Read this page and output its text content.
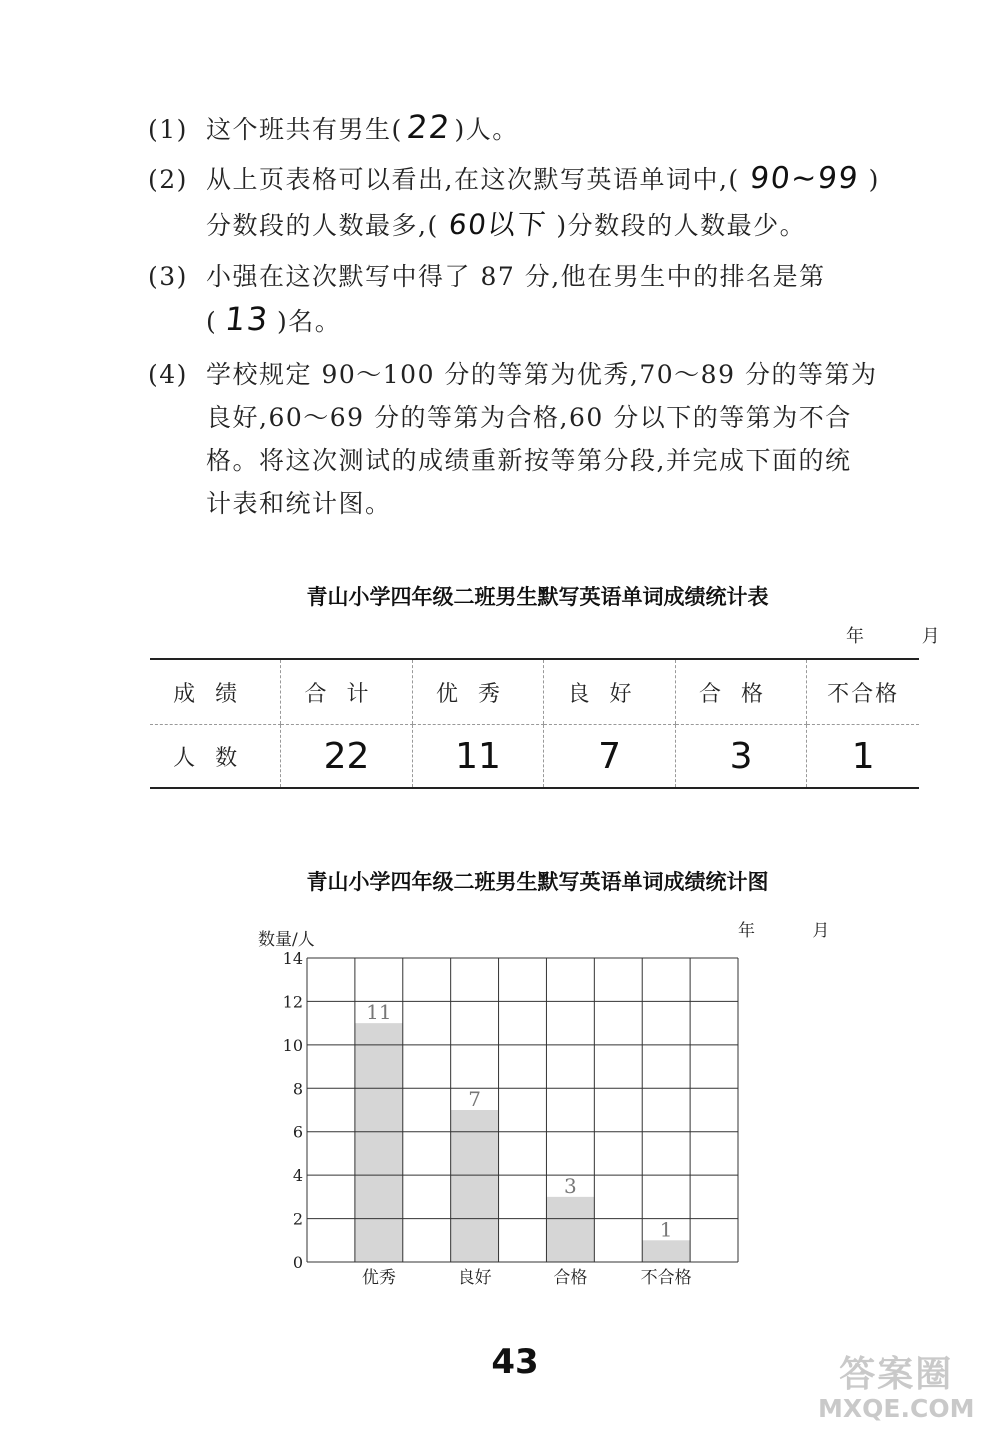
(1) 这个班共有男生(22)人。
(2) 从上页表格可以看出,在这次默写英语单词中,( 90~99 )
分数段的人数最多,( 60以下 )分数段的人数最少。
(3) 小强在这次默写中得了 87 分,他在男生中的排名是第
( 13 )名。
(4) 学校规定 90～100 分的等第为优秀,70～89 分的等第为
良好,60～69 分的等第为合格,60 分以下的等第为不合
格。将这次测试的成绩重新按等第分段,并完成下面的统
计表和统计图。
青山小学四年级二班男生默写英语单词成绩统计表
年 月
成绩	合计	优秀	良好	合格	不合格
人数	22	11	7	3	1
青山小学四年级二班男生默写英语单词成绩统计图
年 月
0
2
4
6
8
10
12
14
数量/人
优秀
11
良好
7
合格
3
不合格
1
43	答案圈
MXQE.COM
